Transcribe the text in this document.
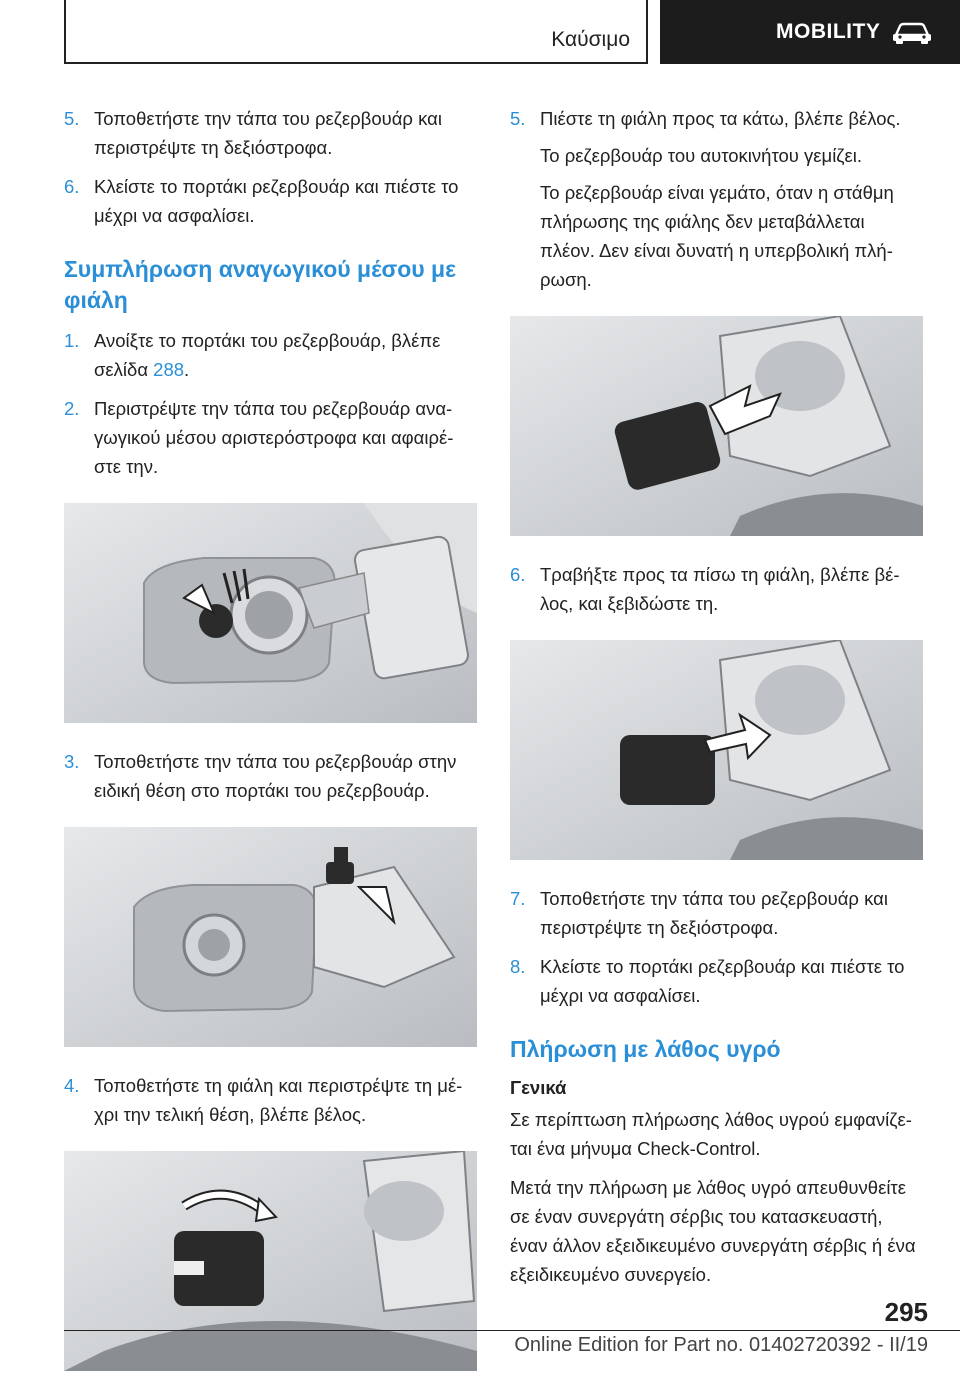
Καύσιμο	MOBILITY
5. Τοποθετήστε την τάπα του ρεζερβουάρ και περιστρέψτε τη δεξιόστροφα.
6. Κλείστε το πορτάκι ρεζερβουάρ και πιέστε το μέχρι να ασφαλίσει.
Συμπλήρωση αναγωγικού μέσου με φιάλη
1. Ανοίξτε το πορτάκι του ρεζερβουάρ, βλέπε σελίδα 288.
2. Περιστρέψτε την τάπα του ρεζερβουάρ ανα-γωγικού μέσου αριστερόστροφα και αφαιρέ-στε την.
3. Τοποθετήστε την τάπα του ρεζερβουάρ στην ειδική θέση στο πορτάκι του ρεζερβουάρ.
4. Τοποθετήστε τη φιάλη και περιστρέψτε τη μέ-χρι την τελική θέση, βλέπε βέλος.
5. Πιέστε τη φιάλη προς τα κάτω, βλέπε βέλος.

Το ρεζερβουάρ του αυτοκινήτου γεμίζει.

Το ρεζερβουάρ είναι γεμάτο, όταν η στάθμη πλήρωσης της φιάλης δεν μεταβάλλεται πλέον. Δεν είναι δυνατή η υπερβολική πλή-ρωση.

6. Τραβήξτε προς τα πίσω τη φιάλη, βλέπε βέ-λος, και ξεβιδώστε τη.
7. Τοποθετήστε την τάπα του ρεζερβουάρ και περιστρέψτε τη δεξιόστροφα.
8. Κλείστε το πορτάκι ρεζερβουάρ και πιέστε το μέχρι να ασφαλίσει.
Πλήρωση με λάθος υγρό
Γενικά

Σε περίπτωση πλήρωσης λάθος υγρού εμφανίζε-ται ένα μήνυμα Check-Control.

Μετά την πλήρωση με λάθος υγρό απευθυνθείτε σε έναν συνεργάτη σέρβις του κατασκευαστή, έναν άλλον εξειδικευμένο συνεργάτη σέρβις ή ένα εξειδικευμένο συνεργείο.

295
Online Edition for Part no. 01402720392 - II/19
